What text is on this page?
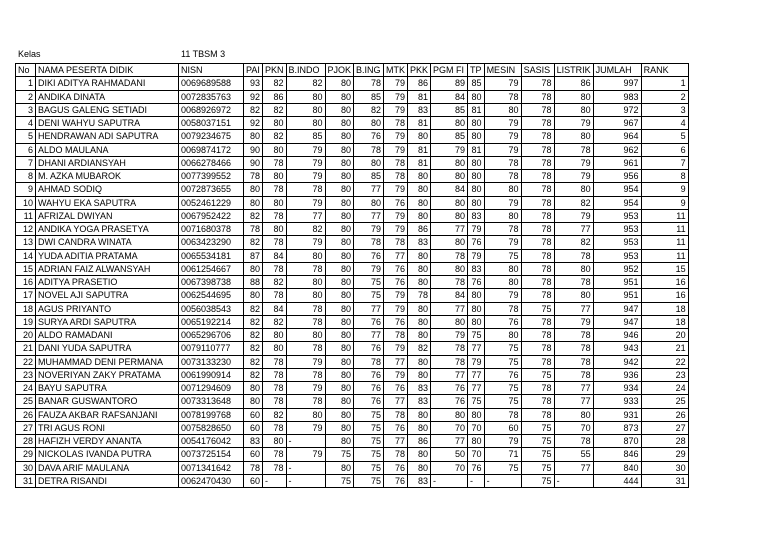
Kelas	11 TBSM 3
No	NAMA PESERTA DIDIK	NISN	PAI	PKN	B.INDO	PJOK	B.ING	MTK	PKK	PGM FI	TP	MESIN	SASIS	LISTRIK	JUMLAH	RANK
1	DIKI ADITYA RAHMADANI	0069689588	93	82	82	80	78	79	86	89	85	79	78	86	997	1
2	ANDIKA DINATA	0072835763	92	86	80	80	85	79	81	84	80	78	78	80	983	2
3	BAGUS GALENG SETIADI	0068926972	82	82	80	80	82	79	83	85	81	80	78	80	972	3
4	DENI WAHYU SAPUTRA	0058037151	92	80	80	80	80	78	81	80	80	79	78	79	967	4
5	HENDRAWAN ADI SAPUTRA	0079234675	80	82	85	80	76	79	80	85	80	79	78	80	964	5
6	ALDO MAULANA	0069874172	90	80	79	80	78	79	81	79	81	79	78	78	962	6
7	DHANI ARDIANSYAH	0066278466	90	78	79	80	80	78	81	80	80	78	78	79	961	7
8	M. AZKA MUBAROK	0077399552	78	80	79	80	85	78	80	80	80	78	78	79	956	8
9	AHMAD SODIQ	0072873655	80	78	78	80	77	79	80	84	80	80	78	80	954	9
10	WAHYU EKA SAPUTRA	0052461229	80	80	79	80	80	76	80	80	80	79	78	82	954	9
11	AFRIZAL DWIYAN	0067952422	82	78	77	80	77	79	80	80	83	80	78	79	953	11
12	ANDIKA YOGA PRASETYA	0071680378	78	80	82	80	79	79	86	77	79	78	78	77	953	11
13	DWI CANDRA WINATA	0063423290	82	78	79	80	78	78	83	80	76	79	78	82	953	11
14	YUDA ADITIA PRATAMA	0065534181	87	84	80	80	76	77	80	78	79	75	78	78	953	11
15	ADRIAN FAIZ ALWANSYAH	0061254667	80	78	78	80	79	76	80	80	83	80	78	80	952	15
16	ADITYA PRASETIO	0067398738	88	82	80	80	75	76	80	78	76	80	78	78	951	16
17	NOVEL AJI SAPUTRA	0062544695	80	78	80	80	75	79	78	84	80	79	78	80	951	16
18	AGUS PRIYANTO	0056038543	82	84	78	80	77	79	80	77	80	78	75	77	947	18
19	SURYA ARDI SAPUTRA	0065192214	82	82	78	80	76	76	80	80	80	76	78	79	947	18
20	ALDO RAMADANI	0065296706	82	80	80	80	77	78	80	79	75	80	78	78	946	20
21	DANI YUDA SAPUTRA	0079110777	82	80	78	80	76	79	82	78	77	75	78	78	943	21
22	MUHAMMAD DENI PERMANA	0073133230	82	78	79	80	78	77	80	78	79	75	78	78	942	22
23	NOVERIYAN ZAKY PRATAMA	0061990914	82	78	78	80	76	79	80	77	77	76	75	78	936	23
24	BAYU SAPUTRA	0071294609	80	78	79	80	76	76	83	76	77	75	78	77	934	24
25	BANAR GUSWANTORO	0073313648	80	78	78	80	76	77	83	76	75	75	78	77	933	25
26	FAUZA AKBAR RAFSANJANI	0078199768	60	82	80	80	75	78	80	80	80	78	78	80	931	26
27	TRI AGUS RONI	0075828650	60	78	79	80	75	76	80	70	70	60	75	70	873	27
28	HAFIZH VERDY ANANTA	0054176042	83	80	-	80	75	77	86	77	80	79	75	78	870	28
29	NICKOLAS IVANDA PUTRA	0073725154	60	78	79	75	75	78	80	50	70	71	75	55	846	29
30	DAVA ARIF MAULANA	0071341642	78	78	-	80	75	76	80	70	76	75	75	77	840	30
31	DETRA RISANDI	0062470430	60	-	-	75	75	76	83	-	-	-	75	-	444	31
